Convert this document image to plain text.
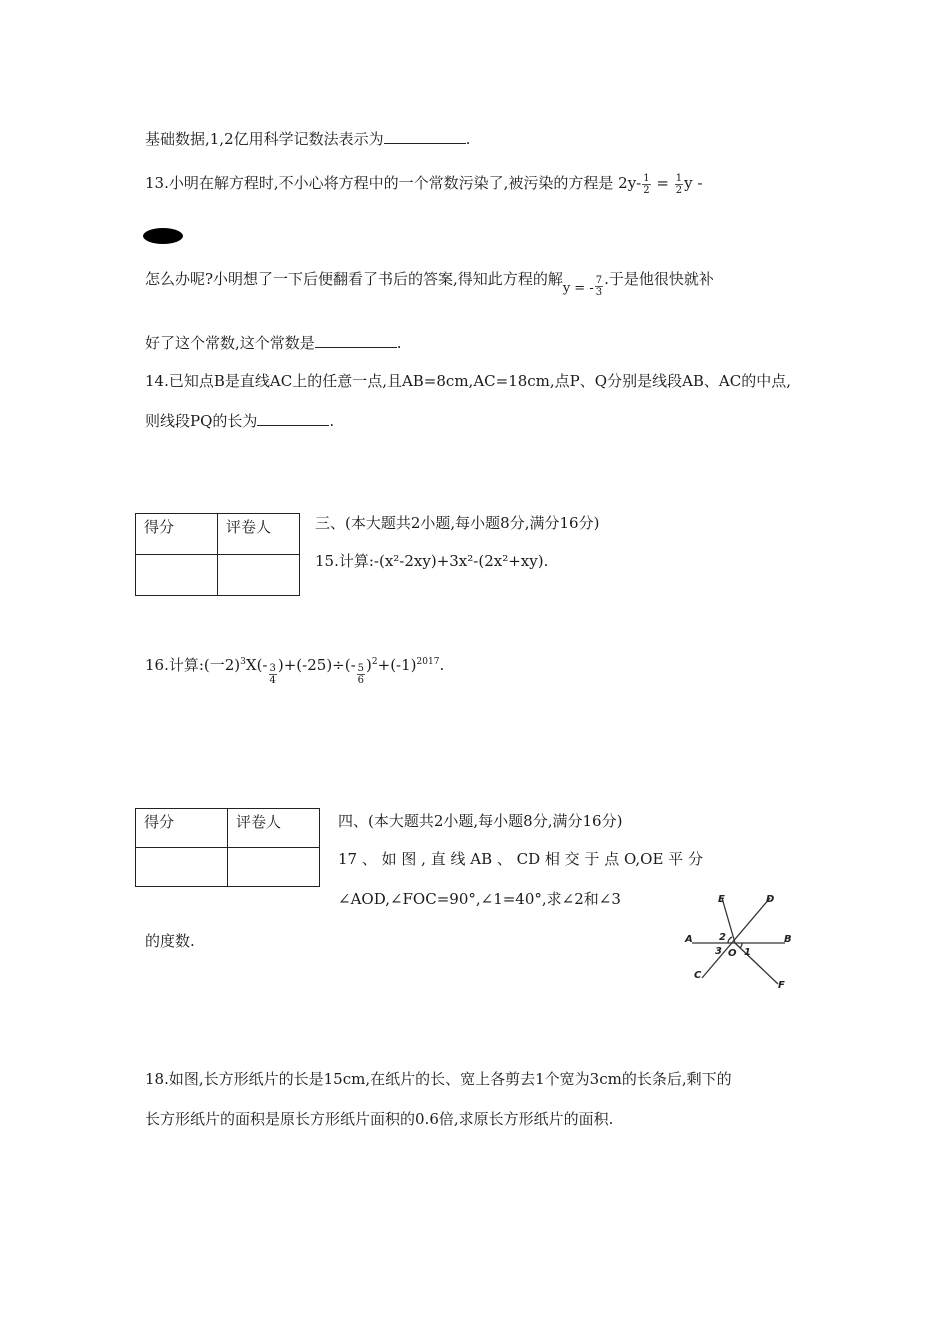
基础数据,1,2亿用科学记数法表示为	.
13.小明在解方程时,不小心将方程中的一个常数污染了,被污染的方程是 $2y- \frac{1}{2} = \frac{1}{2}$ y -
怎么办呢?小明想了一下后便翻看了书后的答案,得知此方程的解y = - $\frac{7}{3}$ .于是他很快就补
好了这个常数,这个常数是	.
14.已知点B是直线AC上的任意一点,且AB=8cm,AC=18cm,点P、Q分别是线段AB、AC的中点,
则线段PQ的长为	.
得分	评卷人
		三、(本大题共2小题,每小题8分,满分16分)
15.计算:-(x²-2xy)+3x²-(2x²+xy).
16.计算:(一$2)^3X(- \frac{3}{4} )+(-25)\div(- \frac{5}{6} )^2+(-1)^{2017}$.
得分	评卷人
		四、(本大题共2小题,每小题8分,满分16分)
17 、 如 图 , 直 线 AB 、 CD 相 交 于 点 O,OE 平 分
∠AOD,∠FOC=90°,∠1=40°,求∠2和∠3
的度数.	A	B
C
D
E
F
O 1
2
3
18.如图,长方形纸片的长是15cm,在纸片的长、宽上各剪去1个宽为3cm的长条后,剩下的
长方形纸片的面积是原长方形纸片面积的0.6倍,求原长方形纸片的面积.
